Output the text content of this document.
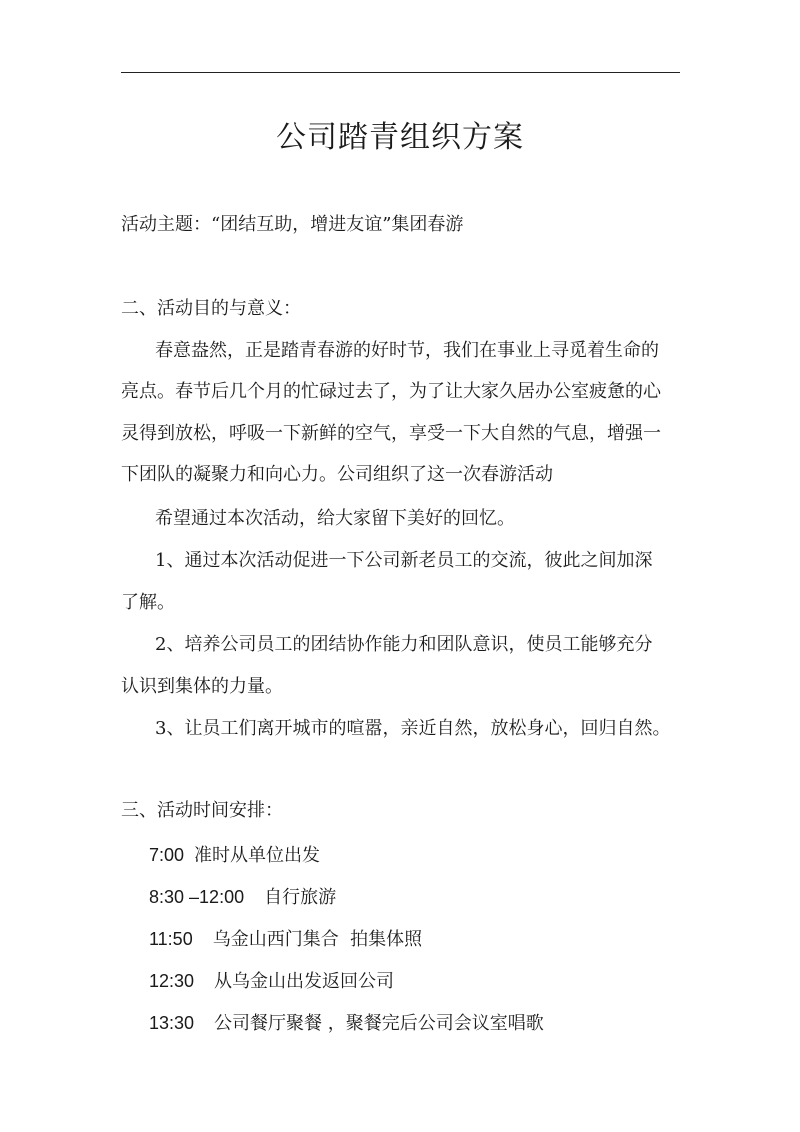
公司踏青组织方案
活动主题：“团结互助，增进友谊”集团春游
二、活动目的与意义：
春意盎然，正是踏青春游的好时节，我们在事业上寻觅着生命的
亮点。春节后几个月的忙碌过去了，为了让大家久居办公室疲惫的心
灵得到放松，呼吸一下新鲜的空气，享受一下大自然的气息，增强一
下团队的凝聚力和向心力。公司组织了这一次春游活动
希望通过本次活动，给大家留下美好的回忆。
1、通过本次活动促进一下公司新老员工的交流，彼此之间加深
了解。
2、培养公司员工的团结协作能力和团队意识，使员工能够充分
认识到集体的力量。
3、让员工们离开城市的喧嚣，亲近自然，放松身心，回归自然。
三、活动时间安排：
7:00 准时从单位出发
8:30 –12:00 自行旅游
11:50 乌金山西门集合  拍集体照
12:30 从乌金山出发返回公司
13:30 公司餐厅聚餐 ，聚餐完后公司会议室唱歌
